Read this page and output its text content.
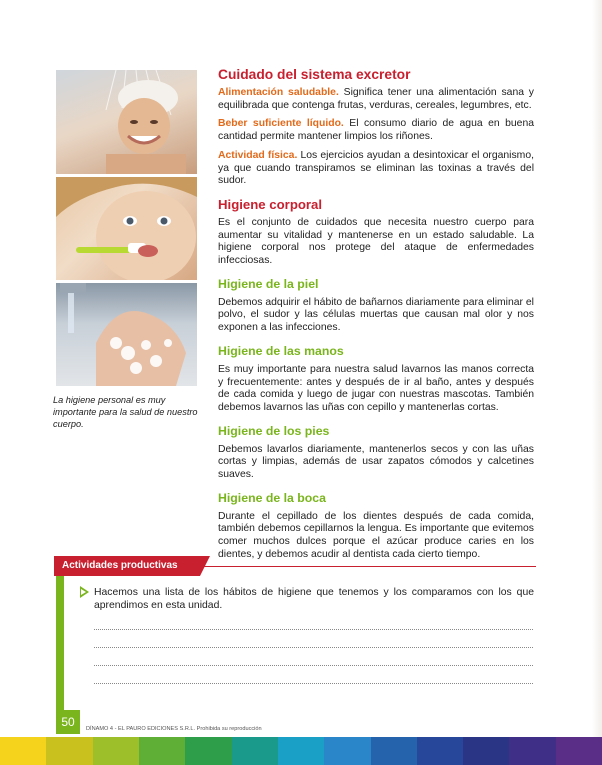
La higiene personal es muy importante para la salud de nuestro cuerpo.
Cuidado del sistema excretor

Alimentación saludable. Significa tener una alimentación sana y equilibrada que contenga frutas, verduras, cereales, legumbres, etc.

Beber suficiente líquido. El consumo diario de agua en buena cantidad permite mantener limpios los riñones.

Actividad física. Los ejercicios ayudan a desintoxicar el organismo, ya que cuando transpiramos se eliminan las toxinas a través del sudor.

Higiene corporal

Es el conjunto de cuidados que necesita nuestro cuerpo para aumentar su vitalidad y mantenerse en un estado saludable. La higiene corporal nos protege del ataque de enfermedades infecciosas.

Higiene de la piel

Debemos adquirir el hábito de bañarnos diariamente para eliminar el polvo, el sudor y las células muertas que causan mal olor y nos exponen a las infecciones.

Higiene de las manos

Es muy importante para nuestra salud lavarnos las manos correcta y frecuentemente: antes y después de ir al baño, antes y después de cada comida y luego de jugar con nuestras mascotas. También debemos lavarnos las uñas con cepillo y mantenerlas cortas.

Higiene de los pies

Debemos lavarlos diariamente, mantenerlos secos y con las uñas cortas y limpias, además de usar zapatos cómodos y calcetines suaves.

Higiene de la boca

Durante el cepillado de los dientes después de cada comida, también debemos cepillarnos la lengua. Es importante que evitemos comer muchos dulces porque el azúcar produce caries en los dientes, y debemos acudir al dentista cada cierto tiempo.

Actividades productivas
Hacemos una lista de los hábitos de higiene que tenemos y los comparamos con los que aprendimos en esta unidad.
50	DÍNAMO 4 - EL PAURO EDICIONES S.R.L. Prohibida su reproducción
